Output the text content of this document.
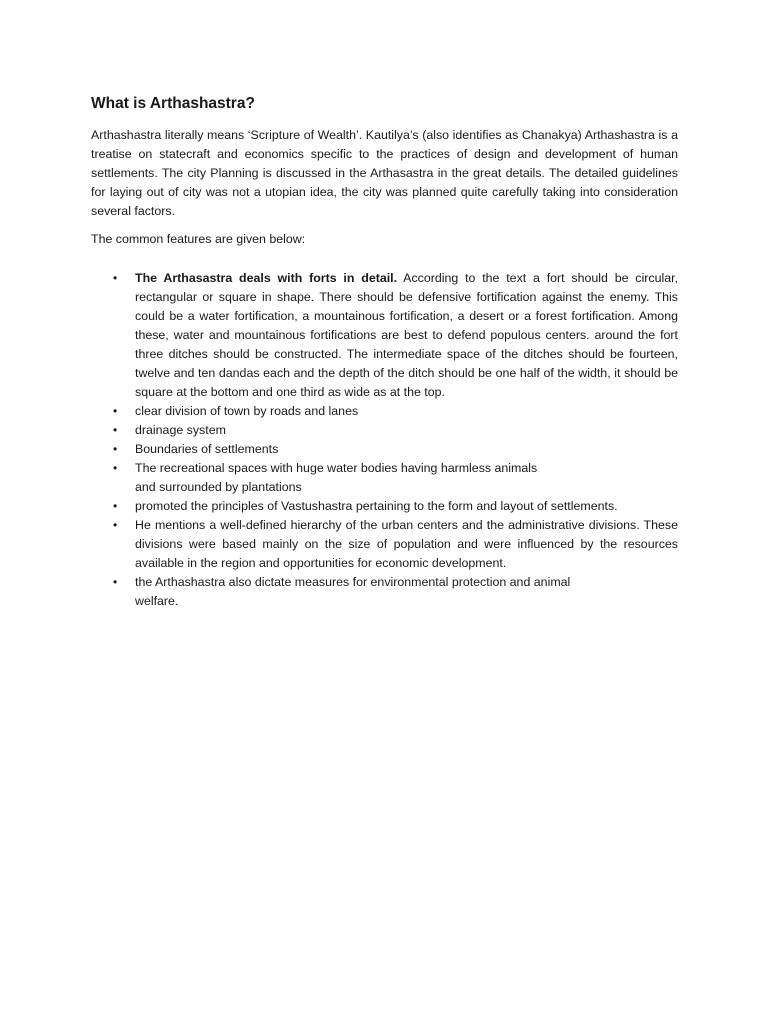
What is Arthashastra?

Arthashastra literally means ‘Scripture of Wealth’. Kautilya’s (also identifies as Chanakya) Arthashastra is a treatise on statecraft and economics specific to the practices of design and development of human settlements. The city Planning is discussed in the Arthasastra in the great details. The detailed guidelines for laying out of city was not a utopian idea, the city was planned quite carefully taking into consideration several factors.

The common features are given below:

• The Arthasastra deals with forts in detail. According to the text a fort should be circular, rectangular or square in shape. There should be defensive fortification against the enemy. This could be a water fortification, a mountainous fortification, a desert or a forest fortification. Among these, water and mountainous fortifications are best to defend populous centers. around the fort three ditches should be constructed. The intermediate space of the ditches should be fourteen, twelve and ten dandas each and the depth of the ditch should be one half of the width, it should be square at the bottom and one third as wide as at the top.
• clear division of town by roads and lanes
• drainage system
• Boundaries of settlements
• The recreational spaces with huge water bodies having harmless animals
and surrounded by plantations
• promoted the principles of Vastushastra pertaining to the form and layout of settlements.
• He mentions a well-defined hierarchy of the urban centers and the administrative divisions. These divisions were based mainly on the size of population and were influenced by the resources available in the region and opportunities for economic development.
• the Arthashastra also dictate measures for environmental protection and animal
welfare.
